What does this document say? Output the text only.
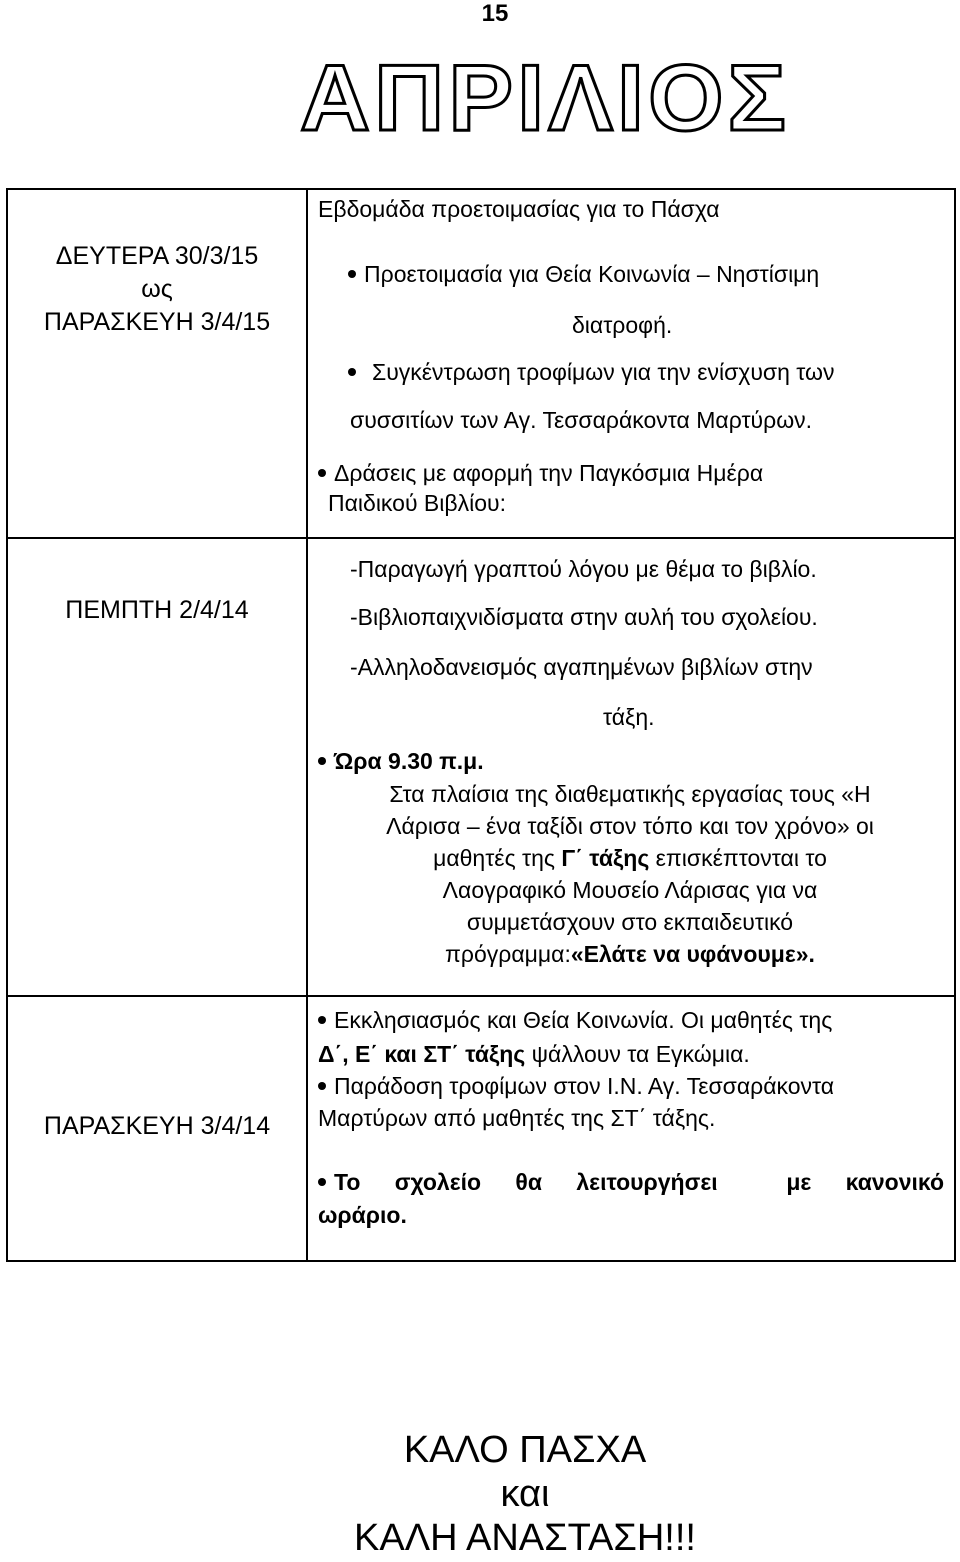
15
ΑΠΡΙΛΙΟΣ
ΔΕΥΤΕΡΑ 30/3/15
ως
ΠΑΡΑΣΚΕΥΗ 3/4/15
Εβδομάδα προετοιμασίας για το Πάσχα
Προετοιμασία για Θεία Κοινωνία – Νηστίσιμη
διατροφή.
Συγκέντρωση τροφίμων για την ενίσχυση των
συσσιτίων των Αγ. Τεσσαράκοντα Μαρτύρων.
Δράσεις με αφορμή την Παγκόσμια Ημέρα
Παιδικού Βιβλίου:
ΠΕΜΠΤΗ 2/4/14
-Παραγωγή γραπτού λόγου με θέμα το βιβλίο.
-Βιβλιοπαιχνιδίσματα στην αυλή του σχολείου.
-Αλληλοδανεισμός αγαπημένων βιβλίων στην
τάξη.
Ώρα 9.30 π.μ.
Στα πλαίσια της διαθεματικής εργασίας τους «Η
Λάρισα – ένα ταξίδι στον τόπο και τον χρόνο» οι
μαθητές της Γ΄ τάξης επισκέπτονται το
Λαογραφικό Μουσείο Λάρισας για να
συμμετάσχουν στο εκπαιδευτικό
πρόγραμμα:«Ελάτε να υφάνουμε».
ΠΑΡΑΣΚΕΥΗ 3/4/14
Εκκλησιασμός και Θεία Κοινωνία. Οι μαθητές της
Δ΄, Ε΄ και ΣΤ΄ τάξης ψάλλουν τα Εγκώμια.
Παράδοση τροφίμων στον Ι.Ν. Αγ. Τεσσαράκοντα
Μαρτύρων από μαθητές της ΣΤ΄ τάξης.
Το σχολείο θα λειτουργήσει  με κανονικό
ωράριο.
ΚΑΛΟ ΠΑΣΧΑ
και
ΚΑΛΗ ΑΝΑΣΤΑΣΗ!!!
